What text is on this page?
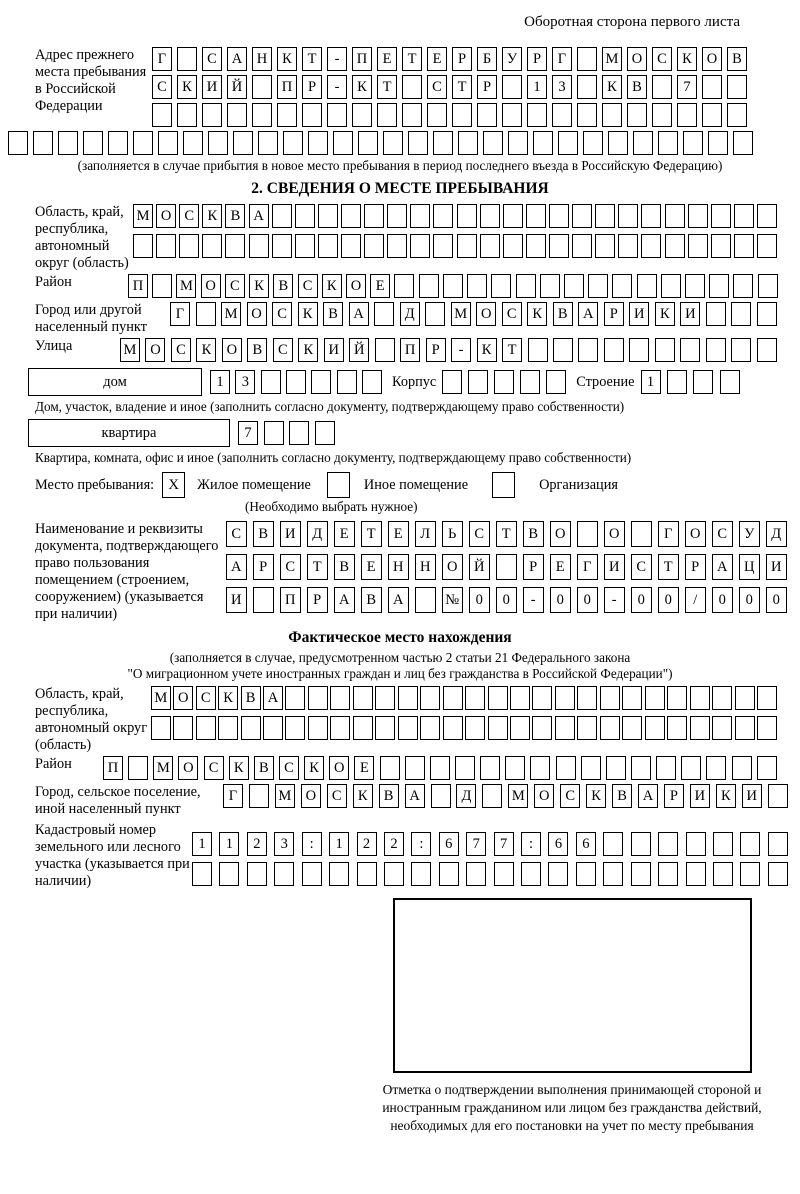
Оборотная сторона первого листа
Адрес прежнего места пребывания в Российской Федерации
Г	С	А	Н	К	Т	-	П	Е	Т	Е	Р	Б	У	Р	Г	М О	С	К	О	В
С	К	И	Й	П	Р	-	К	Т	С	Т	Р	1	3	К	В	7
(заполняется в случае прибытия в новое место пребывания в период последнего въезда в Российскую Федерацию)
2. СВЕДЕНИЯ О МЕСТЕ ПРЕБЫВАНИЯ
Область, край, республика, автономный округ (область)
М О С К В А
Район	П	М О С	К	В	С	К О	Е
Город или другой населенный пункт
Г	М О	С	К	В	А	Д	М О	С	К	В	А	Р	И	К	И
Улица	М О	С	К	О	В	С	К	И	Й	П	Р	-	К	Т
дом	1	3	Корпус	Строение 1
Дом, участок, владение и иное (заполнить согласно документу, подтверждающему право собственности)
квартира	7
Квартира, комната, офис и иное (заполнить согласно документу, подтверждающему право собственности)
Место пребывания: X	Жилое помещение	Иное помещение	Организация
(Необходимо выбрать нужное)
Наименование и реквизиты документа, подтверждающего право пользования помещением (строением, сооружением) (указывается при наличии)
С	В	И	Д	Е	Т	Е	Л	Ь	С	Т	В	О	О	Г	О	С	У	Д
А	Р	С	Т	В	Е	Н	Н	О	Й	Р	Е	Г	И	С	Т	Р	А	Ц	И
И	П	Р	А	В	А	№	0	0	-	0	0	-	0	0	/	0	0	0
Фактическое место нахождения
(заполняется в случае, предусмотренном частью 2 статьи 21 Федерального закона
"О миграционном учете иностранных граждан и лиц без гражданства в Российской Федерации")
Область, край, республика, автономный округ (область)
М О С К В А
Район	П	М О	С	К	В	С	К	О	Е
Город, сельское поселение, иной населенный пункт
Г	М О	С	К	В	А	Д	М О	С	К	В	А	Р	И	К	И
Кадастровый номер земельного или лесного участка (указывается при наличии)
1	1	2	3	:	1	2	2	:	6	7	7	:	6	6
Отметка о подтверждении выполнения принимающей стороной и иностранным гражданином или лицом без гражданства действий, необходимых для его постановки на учет по месту пребывания
